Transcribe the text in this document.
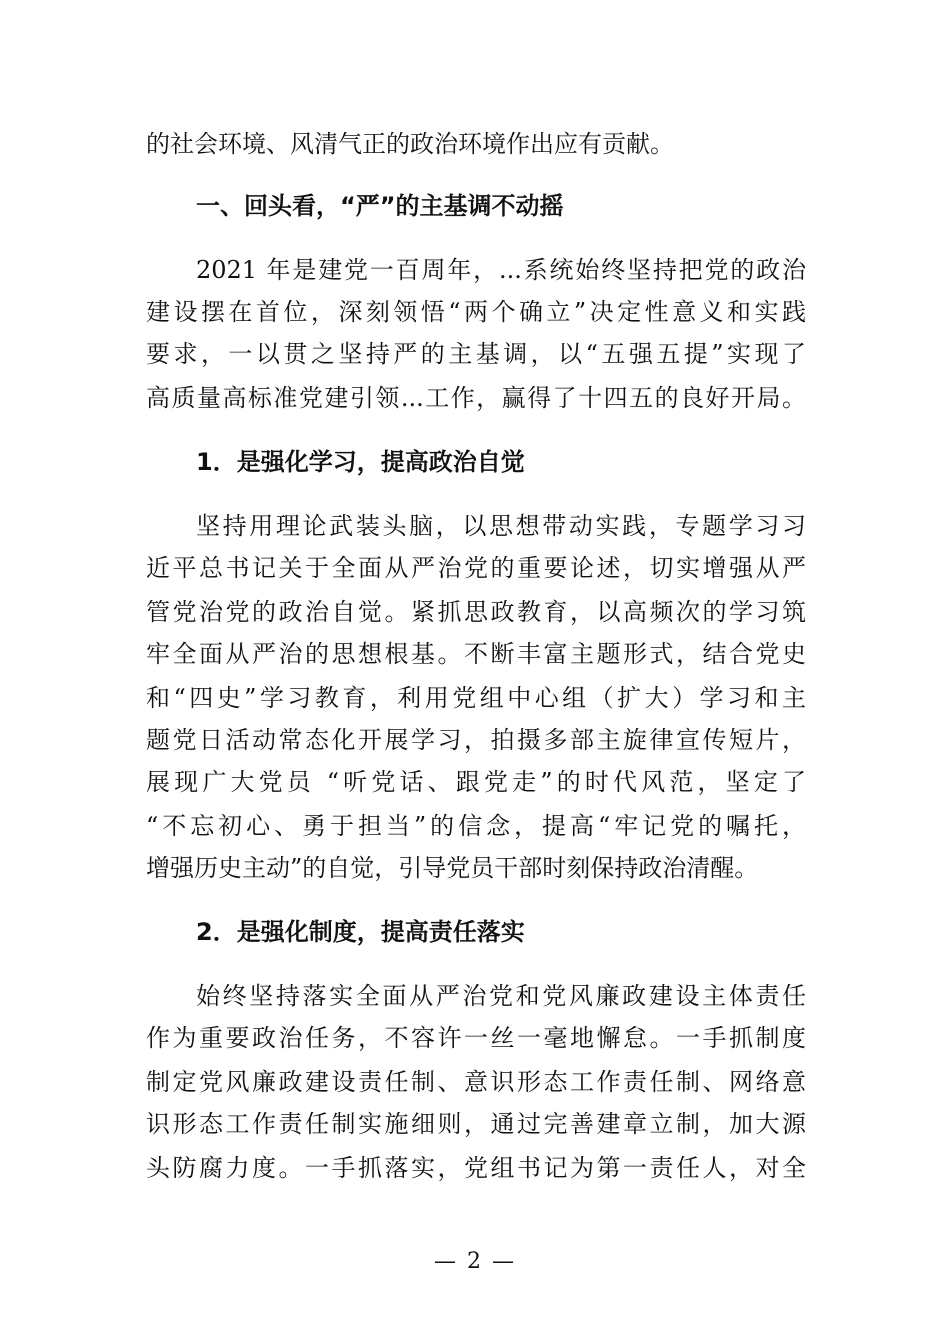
的社会环境、风清气正的政治环境作出应有贡献。
一、回头看，“严”的主基调不动摇
2021 年是建党一百周年，...系统始终坚持把党的政治
建设摆在首位，深刻领悟“两个确立”决定性意义和实践
要求，一以贯之坚持严的主基调，以“五强五提”实现了
高质量高标准党建引领...工作，赢得了十四五的良好开局。
1．是强化学习，提高政治自觉
坚持用理论武装头脑，以思想带动实践，专题学习习
近平总书记关于全面从严治党的重要论述，切实增强从严
管党治党的政治自觉。紧抓思政教育，以高频次的学习筑
牢全面从严治的思想根基。不断丰富主题形式，结合党史
和“四史”学习教育，利用党组中心组（扩大）学习和主
题党日活动常态化开展学习，拍摄多部主旋律宣传短片，
展现广大党员 “听党话、跟党走”的时代风范，坚定了
“不忘初心、勇于担当”的信念，提高“牢记党的嘱托，
增强历史主动”的自觉，引导党员干部时刻保持政治清醒。
2．是强化制度，提高责任落实
始终坚持落实全面从严治党和党风廉政建设主体责任
作为重要政治任务，不容许一丝一毫地懈怠。一手抓制度
制定党风廉政建设责任制、意识形态工作责任制、网络意
识形态工作责任制实施细则，通过完善建章立制，加大源
头防腐力度。一手抓落实，党组书记为第一责任人，对全
— 2 —
